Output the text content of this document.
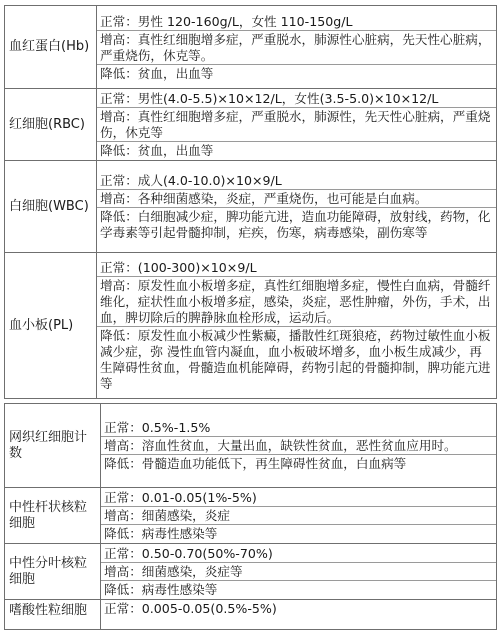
血红蛋白(Hb)	正常：男性 120-160g/L，女性 110-150g/L
增高：真性红细胞增多症，严重脱水，肺源性心脏病，先天性心脏病，严重烧伤，休克等。
降低：贫血，出血等

红细胞(RBC)	正常：男性(4.0-5.5)×10×12/L，女性(3.5-5.0)×10×12/L
增高：真性红细胞增多症，严重脱水，肺源性，先天性心脏病，严重烧伤，休克等
降低：贫血，出血等

白细胞(WBC)	正常：成人(4.0-10.0)×10×9/L
增高：各种细菌感染，炎症，严重烧伤，也可能是白血病。
降低：白细胞减少症，脾功能亢进，造血功能障碍，放射线，药物，化学毒素等引起骨髓抑制，疟疾，伤寒，病毒感染，副伤寒等

血小板(PL)	正常：(100-300)×10×9/L
增高：原发性血小板增多症，真性红细胞增多症，慢性白血病，骨髓纤维化，症状性血小板增多症，感染，炎症，恶性肿瘤，外伤，手术，出血，脾切除后的脾静脉血栓形成，运动后。
降低：原发性血小板减少性紫癜，播散性红斑狼疮，药物过敏性血小板减少症，弥 漫性血管内凝血，血小板破坏增多，血小板生成减少，再生障碍性贫血，骨髓造血机能障碍，药物引起的骨髓抑制，脾功能亢进等
网织红细胞计数	正常：0.5%-1.5%
增高：溶血性贫血，大量出血，缺铁性贫血，恶性贫血应用时。
降低：骨髓造血功能低下，再生障碍性贫血，白血病等

中性杆状核粒细胞	正常：0.01-0.05(1%-5%)
增高：细菌感染，炎症
降低：病毒性感染等

中性分叶核粒细胞	正常：0.50-0.70(50%-70%)
增高：细菌感染，炎症等
降低：病毒性感染等

嗜酸性粒细胞	正常：0.005-0.05(0.5%-5%)
